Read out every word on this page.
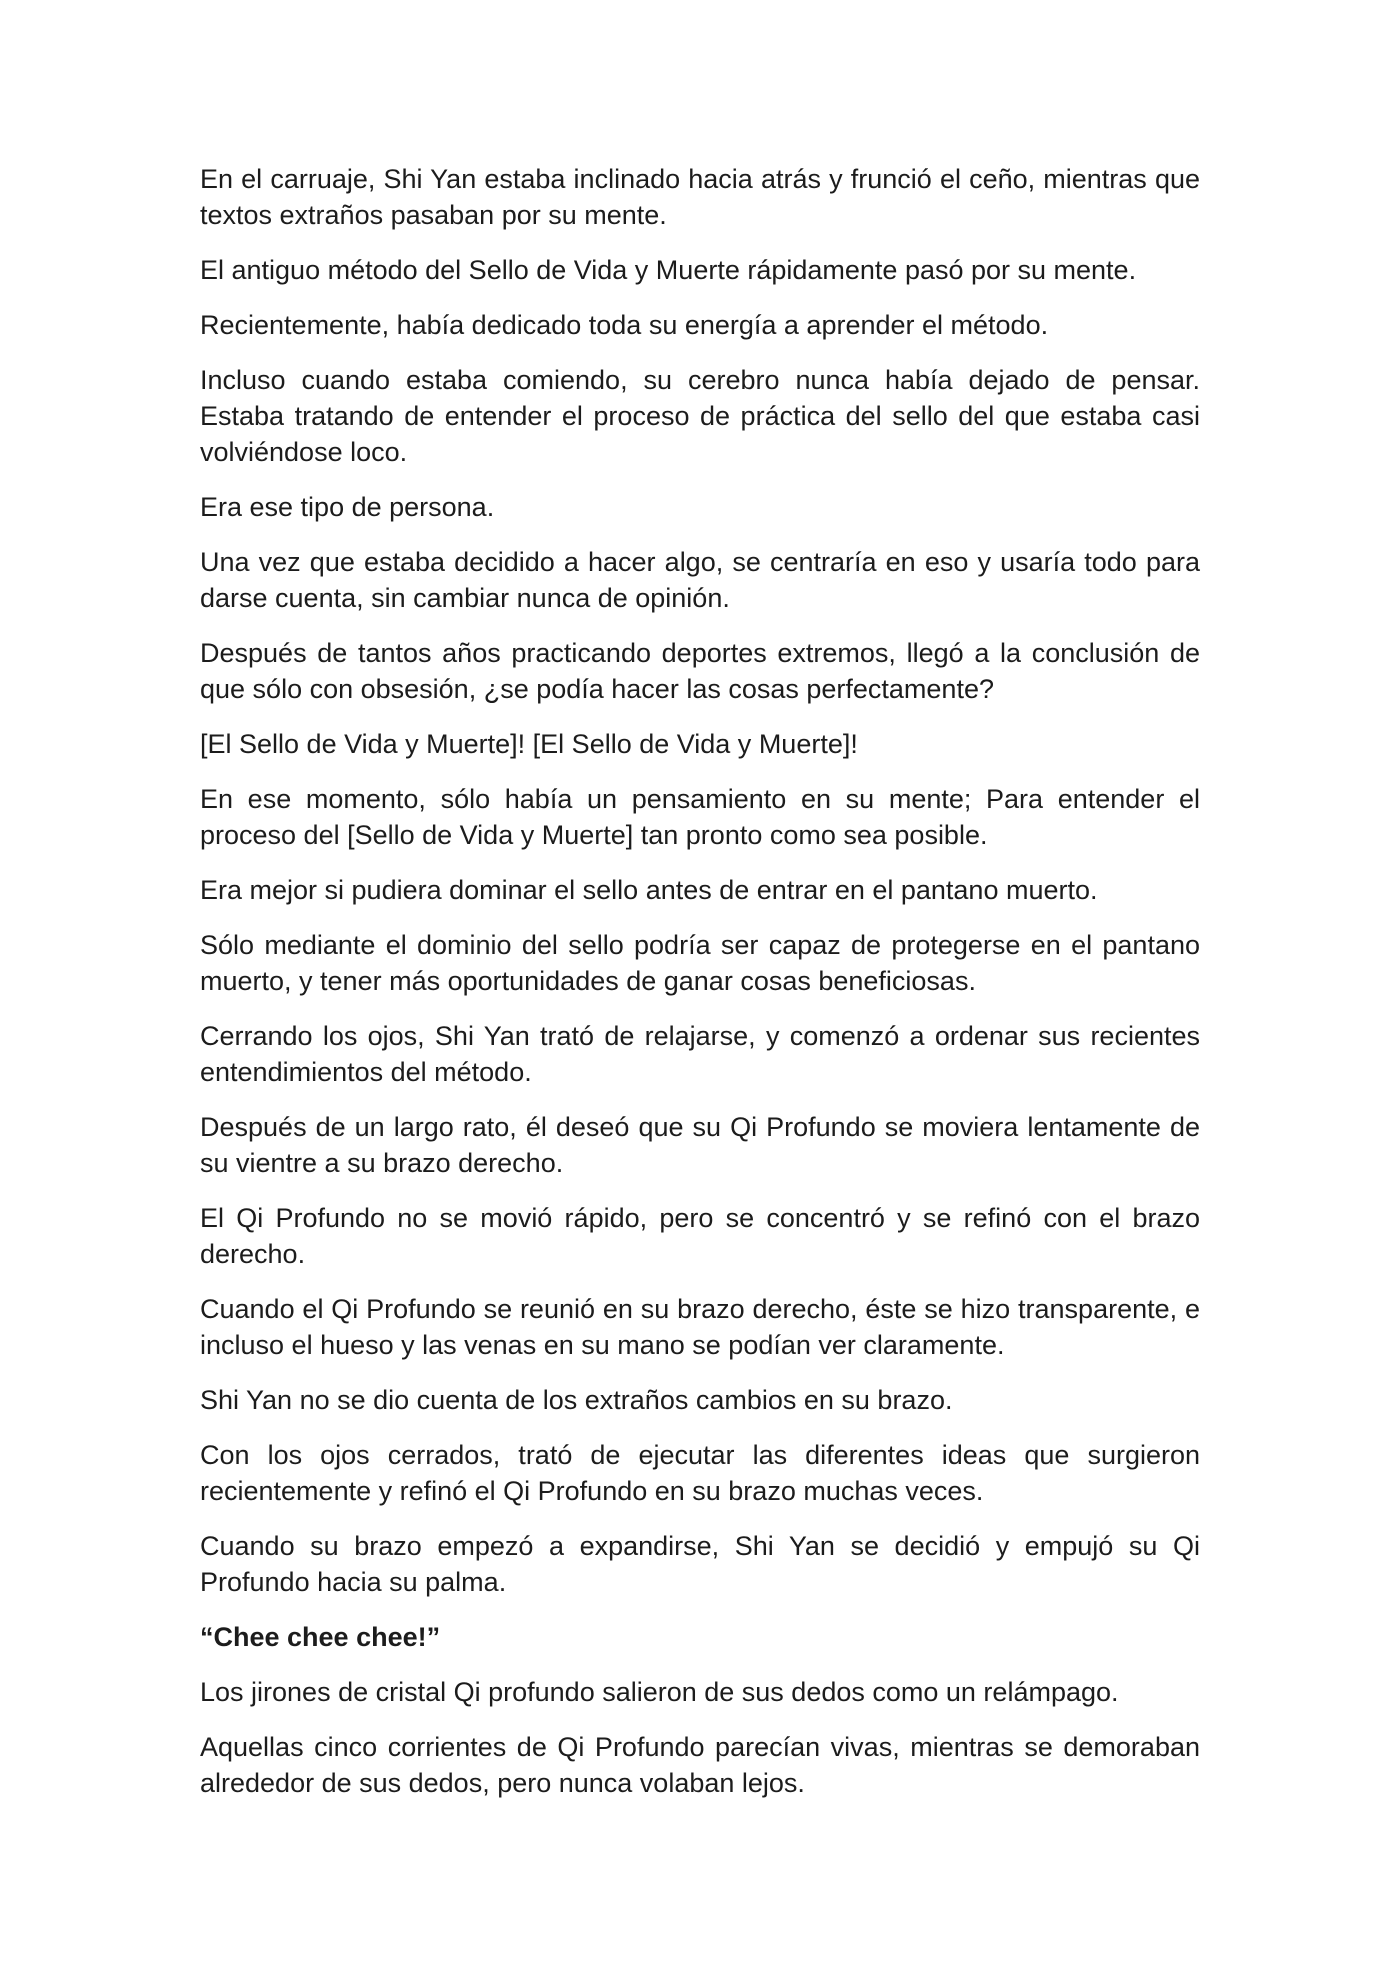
En el carruaje, Shi Yan estaba inclinado hacia atrás y frunció el ceño, mientras que textos extraños pasaban por su mente.

El antiguo método del Sello de Vida y Muerte rápidamente pasó por su mente.

Recientemente, había dedicado toda su energía a aprender el método.

Incluso cuando estaba comiendo, su cerebro nunca había dejado de pensar. Estaba tratando de entender el proceso de práctica del sello del que estaba casi volviéndose loco.

Era ese tipo de persona.

Una vez que estaba decidido a hacer algo, se centraría en eso y usaría todo para darse cuenta, sin cambiar nunca de opinión.

Después de tantos años practicando deportes extremos, llegó a la conclusión de que sólo con obsesión, ¿se podía hacer las cosas perfectamente?

[El Sello de Vida y Muerte]! [El Sello de Vida y Muerte]!

En ese momento, sólo había un pensamiento en su mente; Para entender el proceso del [Sello de Vida y Muerte] tan pronto como sea posible.

Era mejor si pudiera dominar el sello antes de entrar en el pantano muerto.

Sólo mediante el dominio del sello podría ser capaz de protegerse en el pantano muerto, y tener más oportunidades de ganar cosas beneficiosas.

Cerrando los ojos, Shi Yan trató de relajarse, y comenzó a ordenar sus recientes entendimientos del método.

Después de un largo rato, él deseó que su Qi Profundo se moviera lentamente de su vientre a su brazo derecho.

El Qi Profundo no se movió rápido, pero se concentró y se refinó con el brazo derecho.

Cuando el Qi Profundo se reunió en su brazo derecho, éste se hizo transparente, e incluso el hueso y las venas en su mano se podían ver claramente.

Shi Yan no se dio cuenta de los extraños cambios en su brazo.

Con los ojos cerrados, trató de ejecutar las diferentes ideas que surgieron recientemente y refinó el Qi Profundo en su brazo muchas veces.

Cuando su brazo empezó a expandirse, Shi Yan se decidió y empujó su Qi Profundo hacia su palma.

“Chee chee chee!”

Los jirones de cristal Qi profundo salieron de sus dedos como un relámpago.

Aquellas cinco corrientes de Qi Profundo parecían vivas, mientras se demoraban alrededor de sus dedos, pero nunca volaban lejos.
